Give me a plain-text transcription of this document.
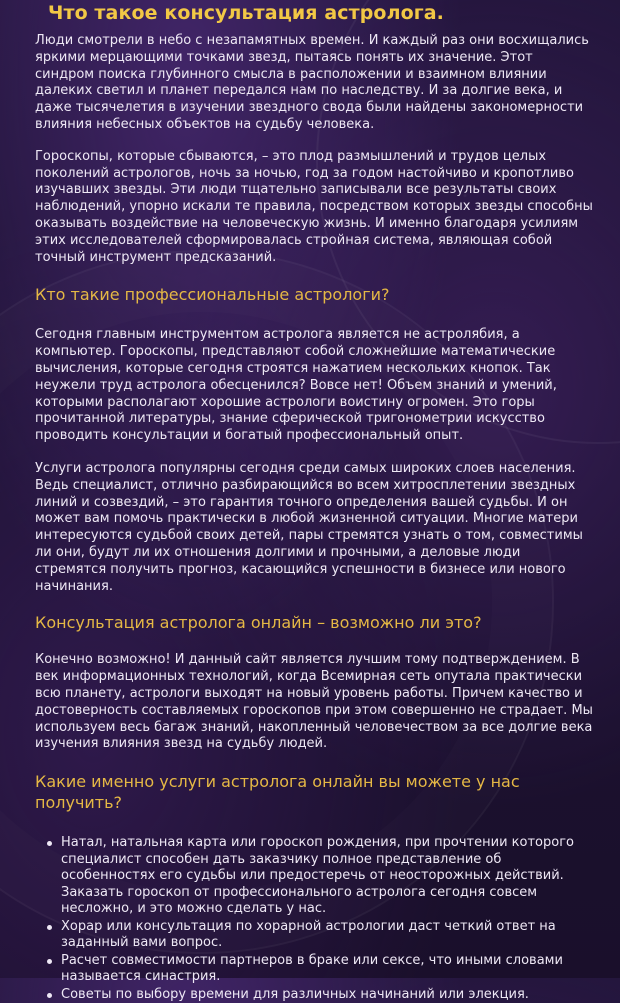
Что такое консультация астролога.

Люди смотрели в небо с незапамятных времен. И каждый раз они восхищались яркими мерцающими точками звезд, пытаясь понять их значение. Этот синдром поиска глубинного смысла в расположении и взаимном влиянии далеких светил и планет передался нам по наследству. И за долгие века, и даже тысячелетия в изучении звездного свода были найдены закономерности влияния небесных объектов на судьбу человека.

Гороскопы, которые сбываются, – это плод размышлений и трудов целых поколений астрологов, ночь за ночью, год за годом настойчиво и кропотливо изучавших звезды. Эти люди тщательно записывали все результаты своих наблюдений, упорно искали те правила, посредством которых звезды способны оказывать воздействие на человеческую жизнь. И именно благодаря усилиям этих исследователей сформировалась стройная система, являющая собой точный инструмент предсказаний.

Кто такие профессиональные астрологи?

Сегодня главным инструментом астролога является не астролябия, а компьютер. Гороскопы, представляют собой сложнейшие математические вычисления, которые сегодня строятся нажатием нескольких кнопок. Так неужели труд астролога обесценился? Вовсе нет! Объем знаний и умений, которыми располагают хорошие астрологи воистину огромен. Это горы прочитанной литературы, знание сферической тригонометрии искусство проводить консультации и богатый профессиональный опыт.

Услуги астролога популярны сегодня среди самых широких слоев населения. Ведь специалист, отлично разбирающийся во всем хитросплетении звездных линий и созвездий, – это гарантия точного определения вашей судьбы. И он может вам помочь практически в любой жизненной ситуации. Многие матери интересуются судьбой своих детей, пары стремятся узнать о том, совместимы ли они, будут ли их отношения долгими и прочными, а деловые люди стремятся получить прогноз, касающийся успешности в бизнесе или нового начинания.

Консультация астролога онлайн – возможно ли это?

Конечно возможно! И данный сайт является лучшим тому подтверждением. В век информационных технологий, когда Всемирная сеть опутала практически всю планету, астрологи выходят на новый уровень работы. Причем качество и достоверность составляемых гороскопов при этом совершенно не страдает. Мы используем весь багаж знаний, накопленный человечеством за все долгие века изучения влияния звезд на судьбу людей.

Какие именно услуги астролога онлайн вы можете у нас получить?
Натал, натальная карта или гороскоп рождения, при прочтении которого специалист способен дать заказчику полное представление об особенностях его судьбы или предостеречь от неосторожных действий. Заказать гороскоп от профессионального астролога сегодня совсем несложно, и это можно сделать у нас.
Хорар или консультация по хорарной астрологии даст четкий ответ на заданный вами вопрос.
Расчет совместимости партнеров в браке или сексе, что иными словами называется синастрия.
Советы по выбору времени для различных начинаний или элекция.
